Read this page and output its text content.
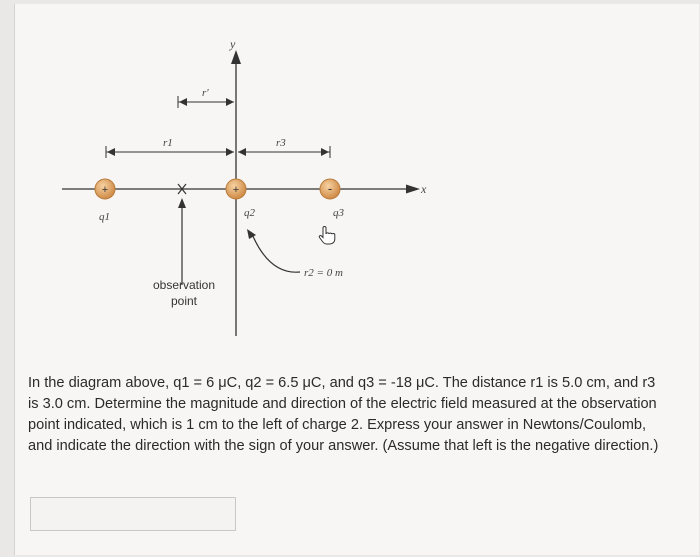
y
x
r'
r1	r3
+	+	-
q1	q2	q3
r2 = 0 m
observation
point
In the diagram above, q1 = 6 μC, q2 = 6.5 μC, and q3 = -18 μC. The distance r1 is 5.0 cm, and r3 is 3.0 cm. Determine the magnitude and direction of the electric field measured at the observation point indicated, which is 1 cm to the left of charge 2. Express your answer in Newtons/Coulomb, and indicate the direction with the sign of your answer. (Assume that left is the negative direction.)
